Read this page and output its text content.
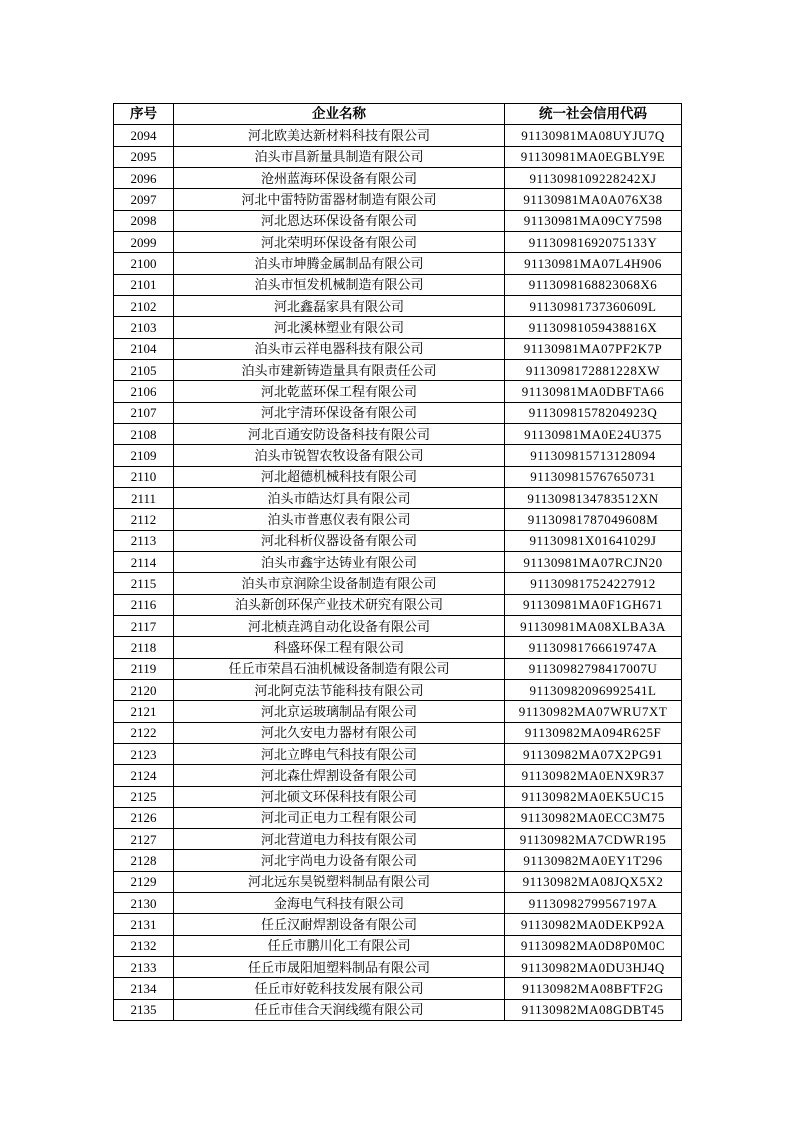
序号	企业名称	统一社会信用代码
2094	河北欧美达新材料科技有限公司	91130981MA08UYJU7Q
2095	泊头市昌新量具制造有限公司	91130981MA0EGBLY9E
2096	沧州蓝海环保设备有限公司	9113098109228242XJ
2097	河北中雷特防雷器材制造有限公司	91130981MA0A076X38
2098	河北恩达环保设备有限公司	91130981MA09CY7598
2099	河北荣明环保设备有限公司	91130981692075133Y
2100	泊头市坤腾金属制品有限公司	91130981MA07L4H906
2101	泊头市恒发机械制造有限公司	9113098168823068X6
2102	河北鑫磊家具有限公司	91130981737360609L
2103	河北溪林塑业有限公司	91130981059438816X
2104	泊头市云祥电器科技有限公司	91130981MA07PF2K7P
2105	泊头市建新铸造量具有限责任公司	9113098172881228XW
2106	河北乾蓝环保工程有限公司	91130981MA0DBFTA66
2107	河北宇清环保设备有限公司	91130981578204923Q
2108	河北百通安防设备科技有限公司	91130981MA0E24U375
2109	泊头市锐智农牧设备有限公司	911309815713128094
2110	河北超德机械科技有限公司	911309815767650731
2111	泊头市皓达灯具有限公司	9113098134783512XN
2112	泊头市普惠仪表有限公司	91130981787049608M
2113	河北科析仪器设备有限公司	91130981X01641029J
2114	泊头市鑫宇达铸业有限公司	91130981MA07RCJN20
2115	泊头市京润除尘设备制造有限公司	911309817524227912
2116	泊头新创环保产业技术研究有限公司	91130981MA0F1GH671
2117	河北桢垚鸿自动化设备有限公司	91130981MA08XLBA3A
2118	科盛环保工程有限公司	91130981766619747A
2119	任丘市荣昌石油机械设备制造有限公司	91130982798417007U
2120	河北阿克法节能科技有限公司	91130982096992541L
2121	河北京运玻璃制品有限公司	91130982MA07WRU7XT
2122	河北久安电力器材有限公司	91130982MA094R625F
2123	河北立晔电气科技有限公司	91130982MA07X2PG91
2124	河北森仕焊割设备有限公司	91130982MA0ENX9R37
2125	河北硕文环保科技有限公司	91130982MA0EK5UC15
2126	河北司正电力工程有限公司	91130982MA0ECC3M75
2127	河北营道电力科技有限公司	91130982MA7CDWR195
2128	河北宇尚电力设备有限公司	91130982MA0EY1T296
2129	河北远东昊锐塑料制品有限公司	91130982MA08JQX5X2
2130	金海电气科技有限公司	91130982799567197A
2131	任丘汉耐焊割设备有限公司	91130982MA0DEKP92A
2132	任丘市鹏川化工有限公司	91130982MA0D8P0M0C
2133	任丘市晟阳旭塑料制品有限公司	91130982MA0DU3HJ4Q
2134	任丘市好乾科技发展有限公司	91130982MA08BFTF2G
2135	任丘市佳合天润线缆有限公司	91130982MA08GDBT45
